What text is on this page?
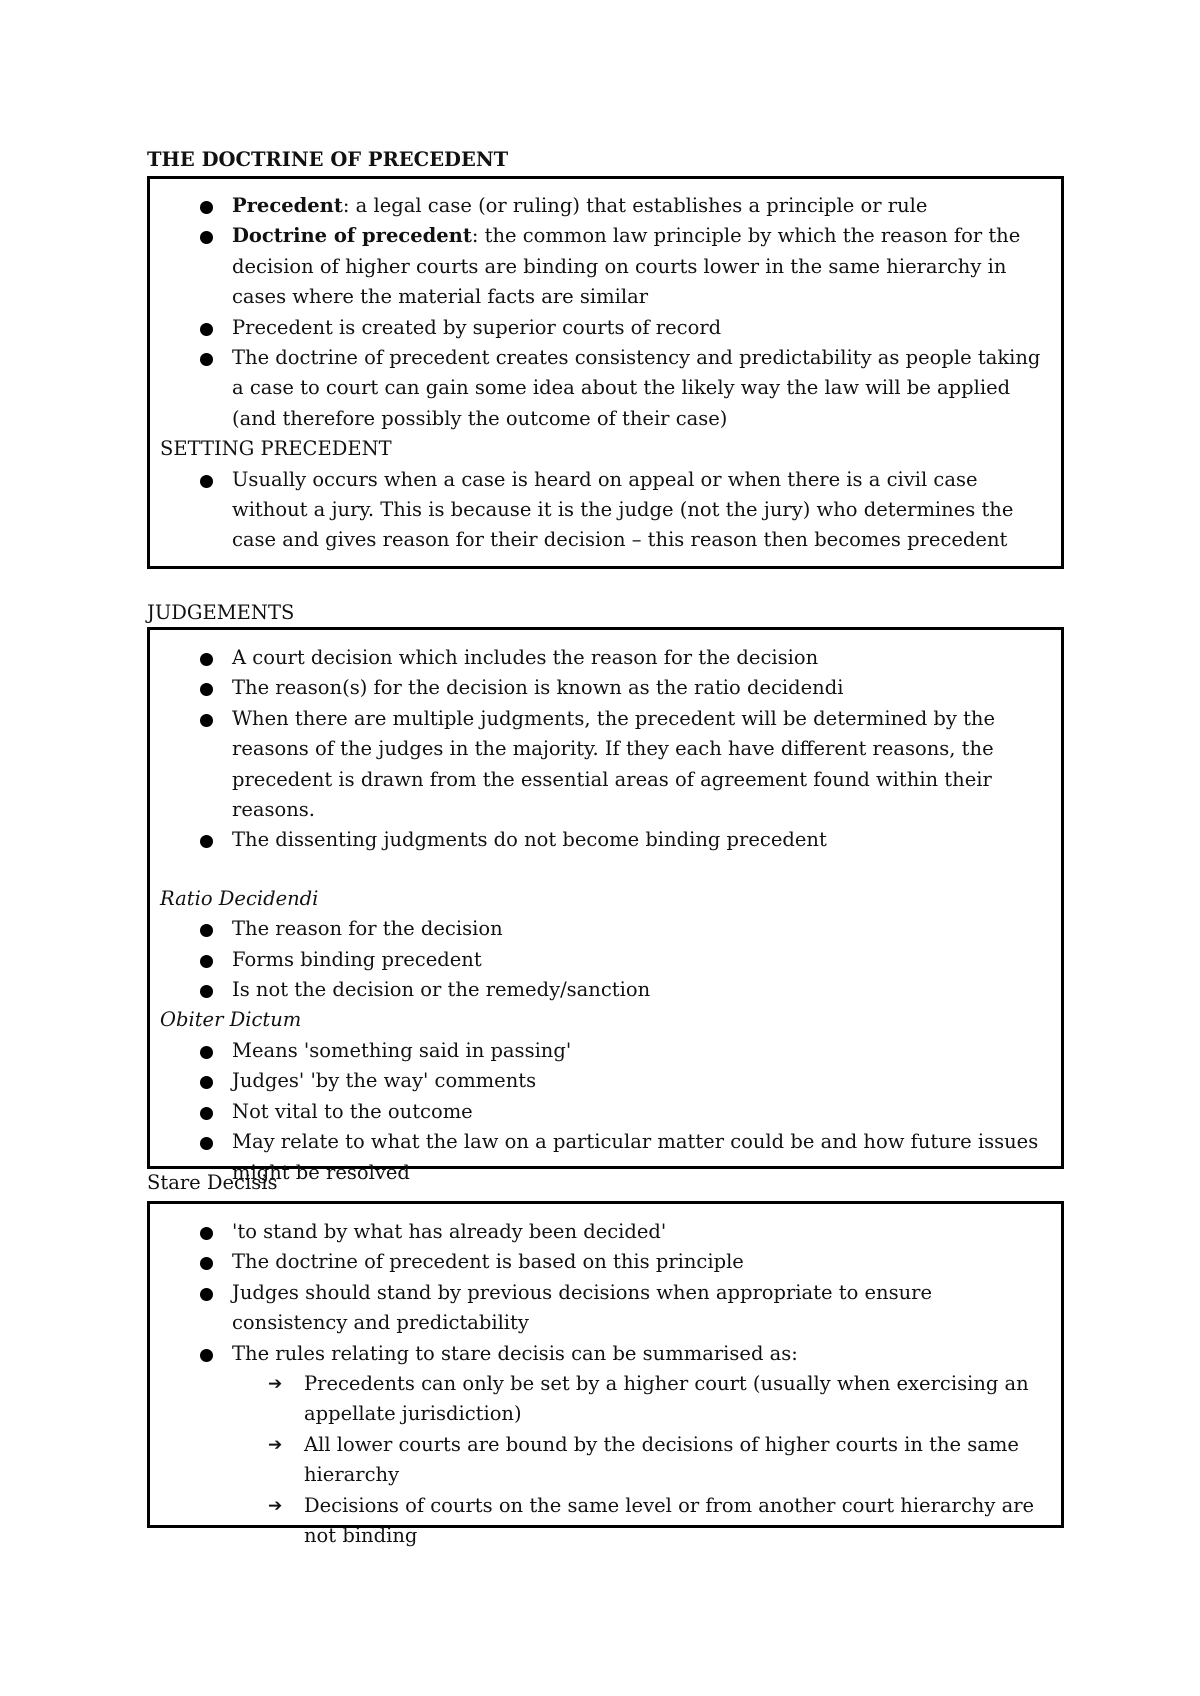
THE DOCTRINE OF PRECEDENT

Precedent: a legal case (or ruling) that establishes a principle or rule
Doctrine of precedent: the common law principle by which the reason for the decision of higher courts are binding on courts lower in the same hierarchy in cases where the material facts are similar
Precedent is created by superior courts of record
The doctrine of precedent creates consistency and predictability as people taking a case to court can gain some idea about the likely way the law will be applied (and therefore possibly the outcome of their case)

SETTING PRECEDENT

Usually occurs when a case is heard on appeal or when there is a civil case without a jury. This is because it is the judge (not the jury) who determines the case and gives reason for their decision – this reason then becomes precedent

JUDGEMENTS

A court decision which includes the reason for the decision
The reason(s) for the decision is known as the ratio decidendi
When there are multiple judgments, the precedent will be determined by the reasons of the judges in the majority. If they each have different reasons, the precedent is drawn from the essential areas of agreement found within their reasons.
The dissenting judgments do not become binding precedent

Ratio Decidendi

The reason for the decision
Forms binding precedent
Is not the decision or the remedy/sanction

Obiter Dictum

Means 'something said in passing'
Judges' 'by the way' comments
Not vital to the outcome
May relate to what the law on a particular matter could be and how future issues might be resolved

Stare Decisis

'to stand by what has already been decided'
The doctrine of precedent is based on this principle
Judges should stand by previous decisions when appropriate to ensure consistency and predictability
The rules relating to stare decisis can be summarised as:
➔ Precedents can only be set by a higher court (usually when exercising an appellate jurisdiction)
➔ All lower courts are bound by the decisions of higher courts in the same hierarchy
➔ Decisions of courts on the same level or from another court hierarchy are not binding
